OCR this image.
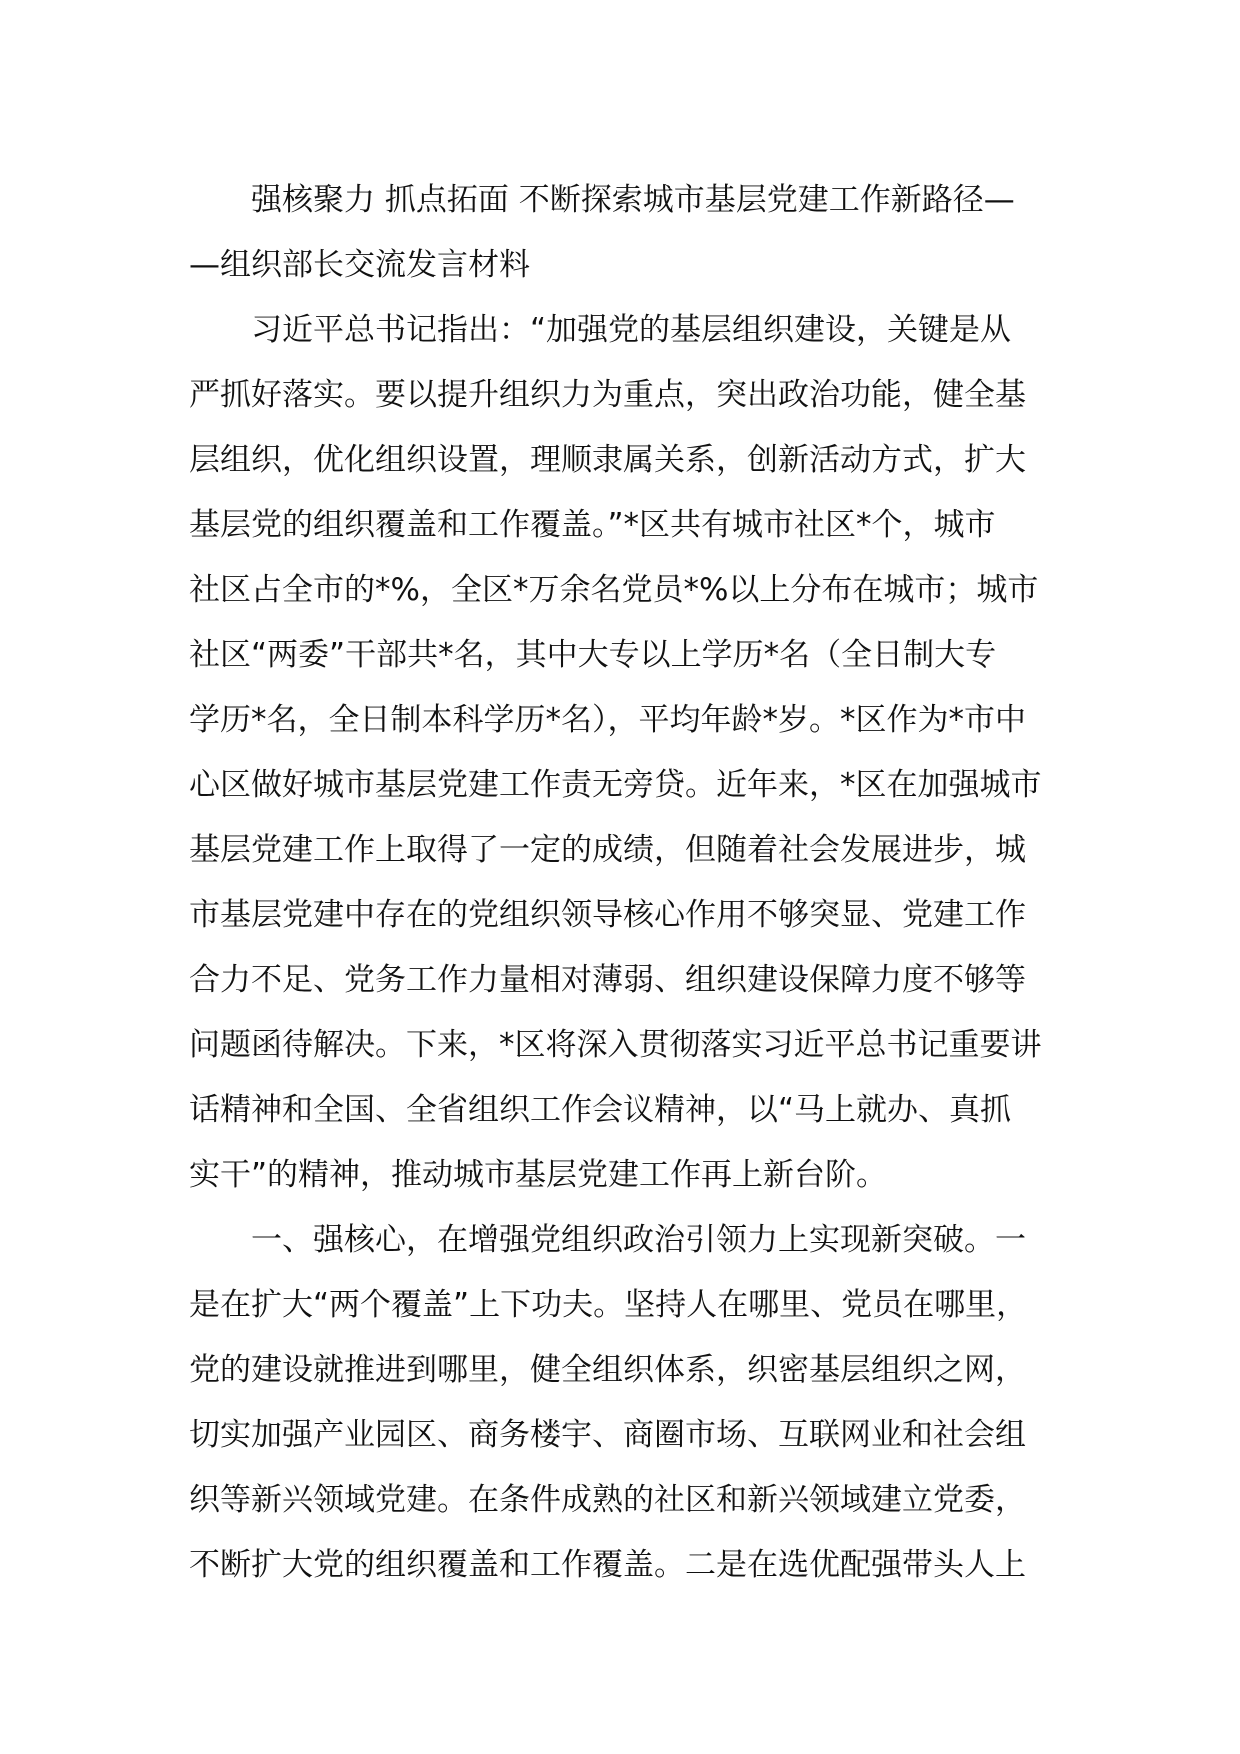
强核聚力 抓点拓面 不断探索城市基层党建工作新路径—
—组织部长交流发言材料
习近平总书记指出：“加强党的基层组织建设，关键是从
严抓好落实。要以提升组织力为重点，突出政治功能，健全基
层组织，优化组织设置，理顺隶属关系，创新活动方式，扩大
基层党的组织覆盖和工作覆盖。”*区共有城市社区*个，城市
社区占全市的*%，全区*万余名党员*%以上分布在城市；城市
社区“两委”干部共*名，其中大专以上学历*名（全日制大专
学历*名，全日制本科学历*名），平均年龄*岁。*区作为*市中
心区做好城市基层党建工作责无旁贷。近年来，*区在加强城市
基层党建工作上取得了一定的成绩，但随着社会发展进步，城
市基层党建中存在的党组织领导核心作用不够突显、党建工作
合力不足、党务工作力量相对薄弱、组织建设保障力度不够等
问题函待解决。下来，*区将深入贯彻落实习近平总书记重要讲
话精神和全国、全省组织工作会议精神，以“马上就办、真抓
实干”的精神，推动城市基层党建工作再上新台阶。
一、强核心，在增强党组织政治引领力上实现新突破。一
是在扩大“两个覆盖”上下功夫。坚持人在哪里、党员在哪里，
党的建设就推进到哪里，健全组织体系，织密基层组织之网，
切实加强产业园区、商务楼宇、商圈市场、互联网业和社会组
织等新兴领域党建。在条件成熟的社区和新兴领域建立党委，
不断扩大党的组织覆盖和工作覆盖。二是在选优配强带头人上
